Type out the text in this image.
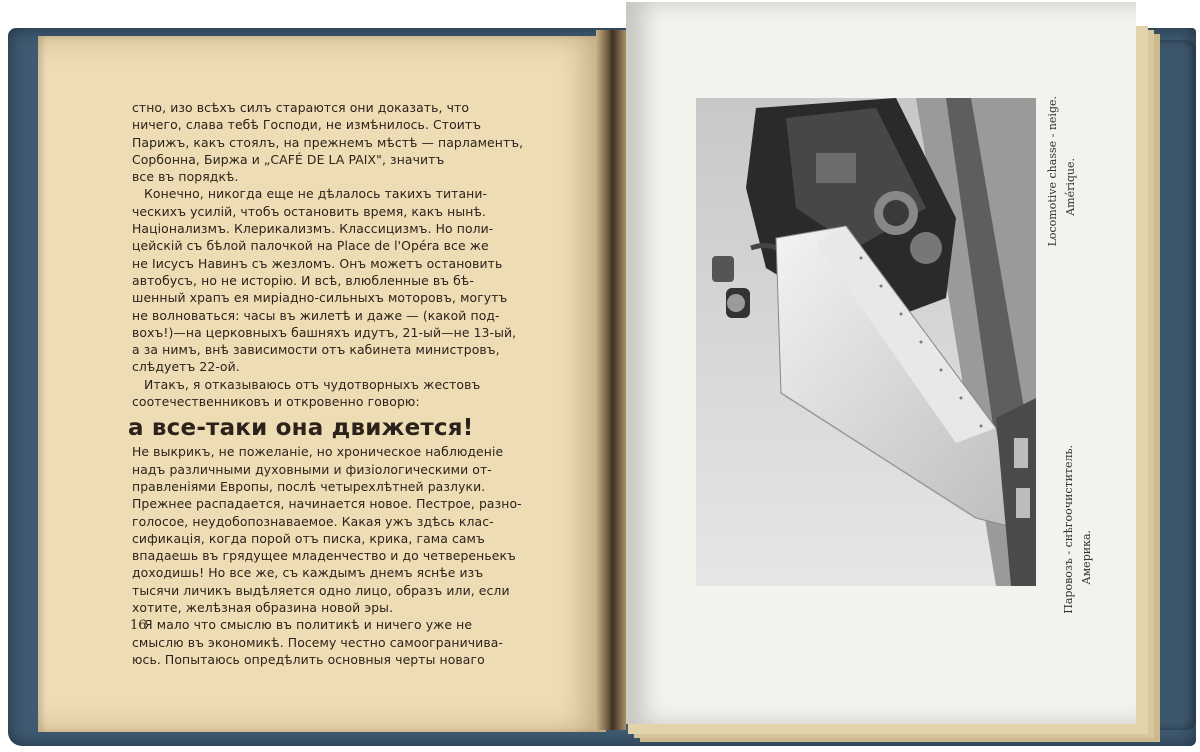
Locomotive chasse - neige. Amérique.
Паровозъ - снѣгоочиститель. Америка.
стно, изо всѣхъ силъ стараются они доказать, что
ничего, слава тебѣ Господи, не измѣнилось. Стоитъ
Парижъ, какъ стоялъ, на прежнемъ мѣстѣ — парламентъ,
Сорбонна, Биржа и „CAFÉ DE LA PAIX", значитъ
все въ порядкѣ.
Конечно, никогда еще не дѣлалось такихъ титани-
ческихъ усилій, чтобъ остановить время, какъ нынѣ.
Націонализмъ. Клерикализмъ. Классицизмъ. Но поли-
цейскій съ бѣлой палочкой на Place de l'Opéra все же
не Іисусъ Навинъ съ жезломъ. Онъ можетъ остановить
автобусъ, но не исторію. И всѣ, влюбленные въ бѣ-
шенный храпъ ея миріадно-сильныхъ моторовъ, могутъ
не волноваться: часы въ жилетѣ и даже — (какой под-
вохъ!)—на церковныхъ башняхъ идутъ, 21-ый—не 13-ый,
а за нимъ, внѣ зависимости отъ кабинета министровъ,
слѣдуетъ 22-ой.
Итакъ, я отказываюсь отъ чудотворныхъ жестовъ
соотечественниковъ и откровенно говорю:
а все-таки она движется!
Не выкрикъ, не пожеланіе, но хроническое наблюденіе
надъ различными духовными и физіологическими от-
правленіями Европы, послѣ четырехлѣтней разлуки.
Прежнее распадается, начинается новое. Пестрое, разно-
голосое, неудобопознаваемое. Какая ужъ здѣсь клас-
сификація, когда порой отъ писка, крика, гама самъ
впадаешь въ грядущее младенчество и до четвереньекъ
доходишь! Но все же, съ каждымъ днемъ яснѣе изъ
тысячи личикъ выдѣляется одно лицо, образъ или, если
хотите, желѣзная образина новой эры.
Я мало что смыслю въ политикѣ и ничего уже не
смыслю въ экономикѣ. Посему честно самоограничива-
юсь. Попытаюсь опредѣлить основныя черты новаго
16
